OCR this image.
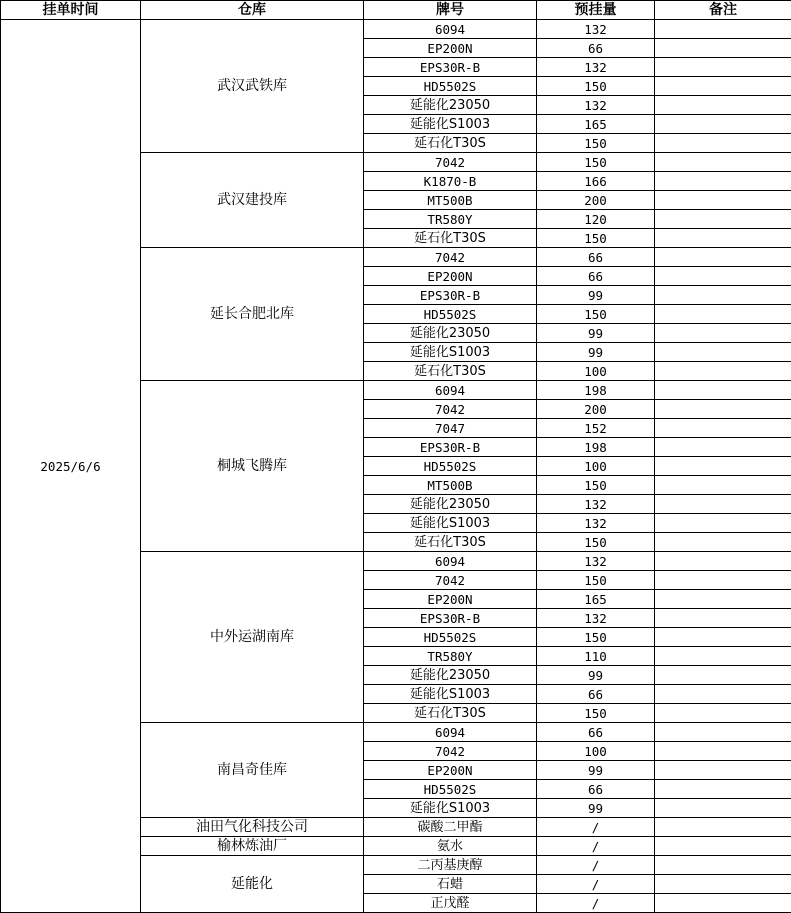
挂单时间	仓库	牌号	预挂量	备注
2025/6/6	武汉武铁库	6094	132	
		EP200N	66	
		EPS30R-B	132	
		HD5502S	150	
		延能化23050	132	
		延能化S1003	165	
		延石化T30S	150	
	武汉建投库	7042	150	
		K1870-B	166	
		MT500B	200	
		TR580Y	120	
		延石化T30S	150	
	延长合肥北库	7042	66	
		EP200N	66	
		EPS30R-B	99	
		HD5502S	150	
		延能化23050	99	
		延能化S1003	99	
		延石化T30S	100	
	桐城飞腾库	6094	198	
		7042	200	
		7047	152	
		EPS30R-B	198	
		HD5502S	100	
		MT500B	150	
		延能化23050	132	
		延能化S1003	132	
		延石化T30S	150	
	中外运湖南库	6094	132	
		7042	150	
		EP200N	165	
		EPS30R-B	132	
		HD5502S	150	
		TR580Y	110	
		延能化23050	99	
		延能化S1003	66	
		延石化T30S	150	
	南昌奇佳库	6094	66	
		7042	100	
		EP200N	99	
		HD5502S	66	
		延能化S1003	99	
	油田气化科技公司	碳酸二甲酯	/	
	榆林炼油厂	氨水	/	
	延能化	二丙基庚醇	/	
		石蜡	/	
		正戊醛	/	
